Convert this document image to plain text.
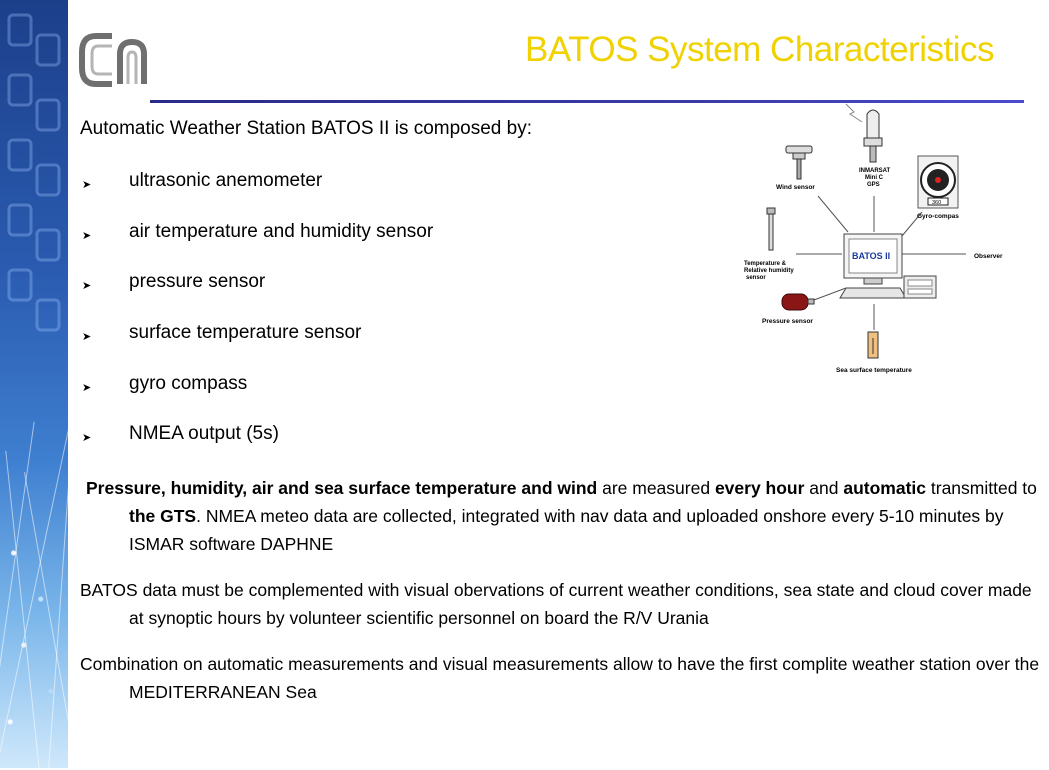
BATOS System Characteristics
Automatic Weather Station BATOS II is composed by:
➤ ultrasonic anemometer
➤ air temperature and humidity sensor
➤ pressure sensor
➤ surface temperature sensor
➤ gyro compass
➤ NMEA output (5s)
Pressure, humidity, air and sea surface temperature and wind are measured every hour and automatic transmitted to the GTS. NMEA meteo data are collected, integrated with nav data and uploaded onshore every 5-10 minutes by ISMAR software DAPHNE
BATOS data must be complemented with visual obervations of current weather conditions, sea state and cloud cover made at synoptic hours by volunteer scientific personnel on board the R/V Urania
Combination on automatic measurements and visual measurements allow to have the first complite weather station over the MEDITERRANEAN Sea
Wind sensor
INMARSAT
Mini C
GPS
360
Gyro-compas
Observer
BATOS II
Temperature &
Relative humidity
sensor
Pressure sensor
Sea surface temperature
